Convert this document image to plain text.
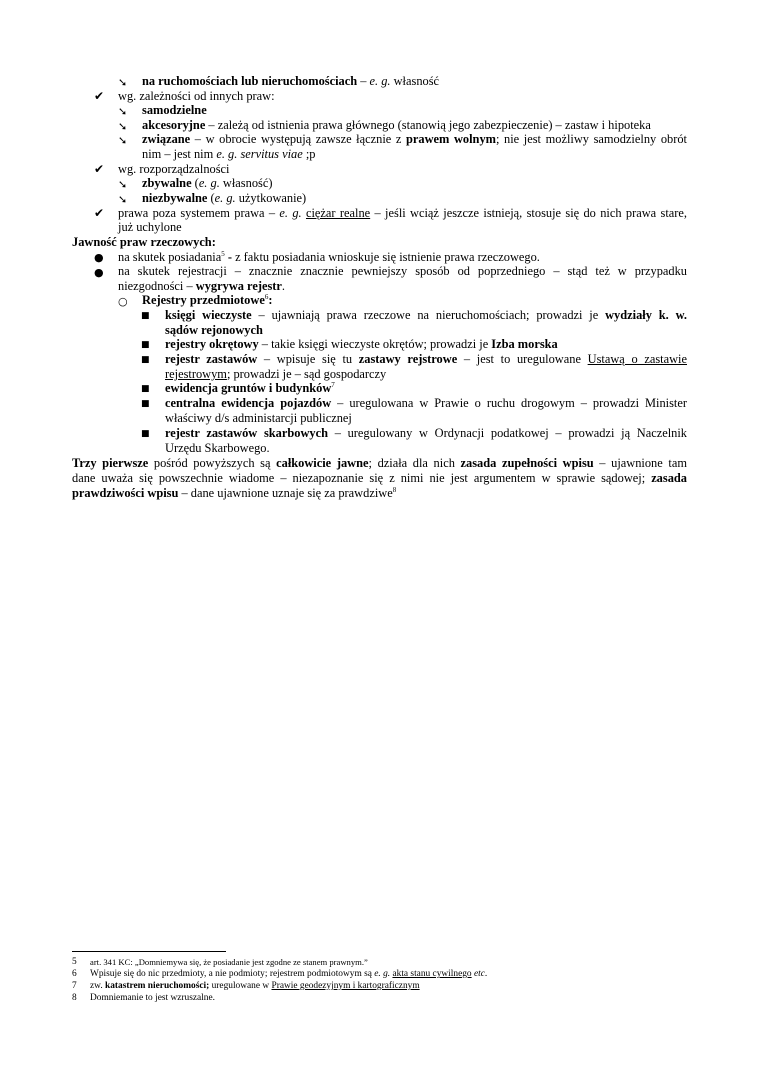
➘ na ruchomościach lub nieruchomościach – e. g. własność
✔ wg. zależności od innych praw:
➘ samodzielne
➘ akcesoryjne – zależą od istnienia prawa głównego (stanowią jego zabezpieczenie) – zastaw i hipoteka
➘ związane – w obrocie występują zawsze łącznie z prawem wolnym; nie jest możliwy samodzielny obrót
nim – jest nim e. g. servitus viae ;p
✔ wg. rozporządzalności
➘ zbywalne (e. g. własność)
➘ niezbywalne (e. g. użytkowanie)
✔ prawa poza systemem prawa – e. g. ciężar realne – jeśli wciąż jeszcze istnieją, stosuje się do nich prawa stare,
już uchylone
Jawność praw rzeczowych:
● na skutek posiadania$^5$ - z faktu posiadania wnioskuje się istnienie prawa rzeczowego.
● na skutek rejestracji – znacznie znacznie pewniejszy sposób od poprzedniego – stąd też w przypadku
niezgodności – wygrywa rejestr.
○ Rejestry przedmiotowe$^6$:
■ księgi wieczyste – ujawniają prawa rzeczowe na nieruchomościach; prowadzi je wydziały k. w.
sądów rejonowych
■ rejestry okrętowy – takie księgi wieczyste okrętów; prowadzi je Izba morska
■ rejestr zastawów – wpisuje się tu zastawy rejstrowe – jest to uregulowane Ustawą o zastawie
rejestrowym; prowadzi je – sąd gospodarczy
■ ewidencja gruntów i budynków$^7$
■ centralna ewidencja pojazdów – uregulowana w Prawie o ruchu drogowym – prowadzi Minister
właściwy d/s administarcji publicznej
■ rejestr zastawów skarbowych – uregulowany w Ordynacji podatkowej – prowadzi ją Naczelnik
Urzędu Skarbowego.
Trzy pierwsze pośród powyższych są całkowicie jawne; działa dla nich zasada zupełności wpisu – ujawnione tam
dane uważa się powszechnie wiadome – niezapoznanie się z nimi nie jest argumentem w sprawie sądowej; zasada
prawdziwości wpisu – dane ujawnione uznaje się za prawdziwe$^8$
5 art. 341 KC: „Domniemywa się, że posiadanie jest zgodne ze stanem prawnym.”
6 Wpisuje się do nic przedmioty, a nie podmioty; rejestrem podmiotowym są e. g. akta stanu cywilnego etc.
7 zw. katastrem nieruchomości; uregulowane w Prawie geodezyjnym i kartograficznym
8 Domniemanie to jest wzruszalne.
